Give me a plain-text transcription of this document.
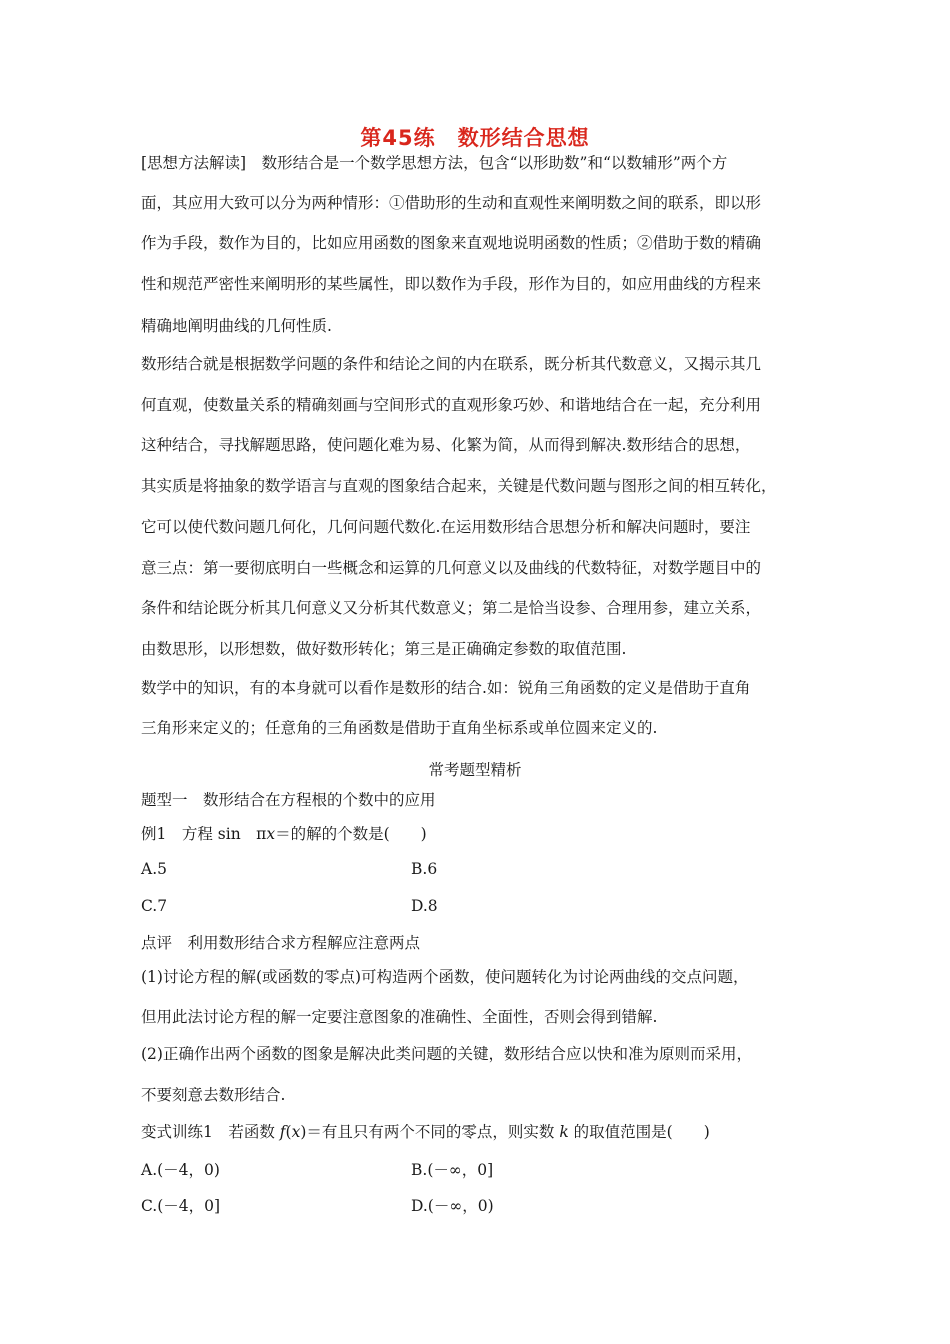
第45练　数形结合思想
[思想方法解读]　数形结合是一个数学思想方法，包含“以形助数”和“以数辅形”两个方
面，其应用大致可以分为两种情形：①借助形的生动和直观性来阐明数之间的联系，即以形
作为手段，数作为目的，比如应用函数的图象来直观地说明函数的性质；②借助于数的精确
性和规范严密性来阐明形的某些属性，即以数作为手段，形作为目的，如应用曲线的方程来
精确地阐明曲线的几何性质.
数形结合就是根据数学问题的条件和结论之间的内在联系，既分析其代数意义，又揭示其几
何直观，使数量关系的精确刻画与空间形式的直观形象巧妙、和谐地结合在一起，充分利用
这种结合，寻找解题思路，使问题化难为易、化繁为简，从而得到解决.数形结合的思想，
其实质是将抽象的数学语言与直观的图象结合起来，关键是代数问题与图形之间的相互转化，
它可以使代数问题几何化，几何问题代数化.在运用数形结合思想分析和解决问题时，要注
意三点：第一要彻底明白一些概念和运算的几何意义以及曲线的代数特征，对数学题目中的
条件和结论既分析其几何意义又分析其代数意义；第二是恰当设参、合理用参，建立关系，
由数思形，以形想数，做好数形转化；第三是正确确定参数的取值范围.
数学中的知识，有的本身就可以看作是数形的结合.如：锐角三角函数的定义是借助于直角
三角形来定义的；任意角的三角函数是借助于直角坐标系或单位圆来定义的.
常考题型精析
题型一　数形结合在方程根的个数中的应用
例1　方程 sin　πx＝的解的个数是(　　)
A.5	B.6
C.7	D.8
点评　利用数形结合求方程解应注意两点
(1)讨论方程的解(或函数的零点)可构造两个函数，使问题转化为讨论两曲线的交点问题，
但用此法讨论方程的解一定要注意图象的准确性、全面性，否则会得到错解.
(2)正确作出两个函数的图象是解决此类问题的关键，数形结合应以快和准为原则而采用，
不要刻意去数形结合.
变式训练1　若函数 f(x)＝有且只有两个不同的零点，则实数 k 的取值范围是(　　)
A.(－4，0)	B.(－∞，0]
C.(－4，0]	D.(－∞，0)
